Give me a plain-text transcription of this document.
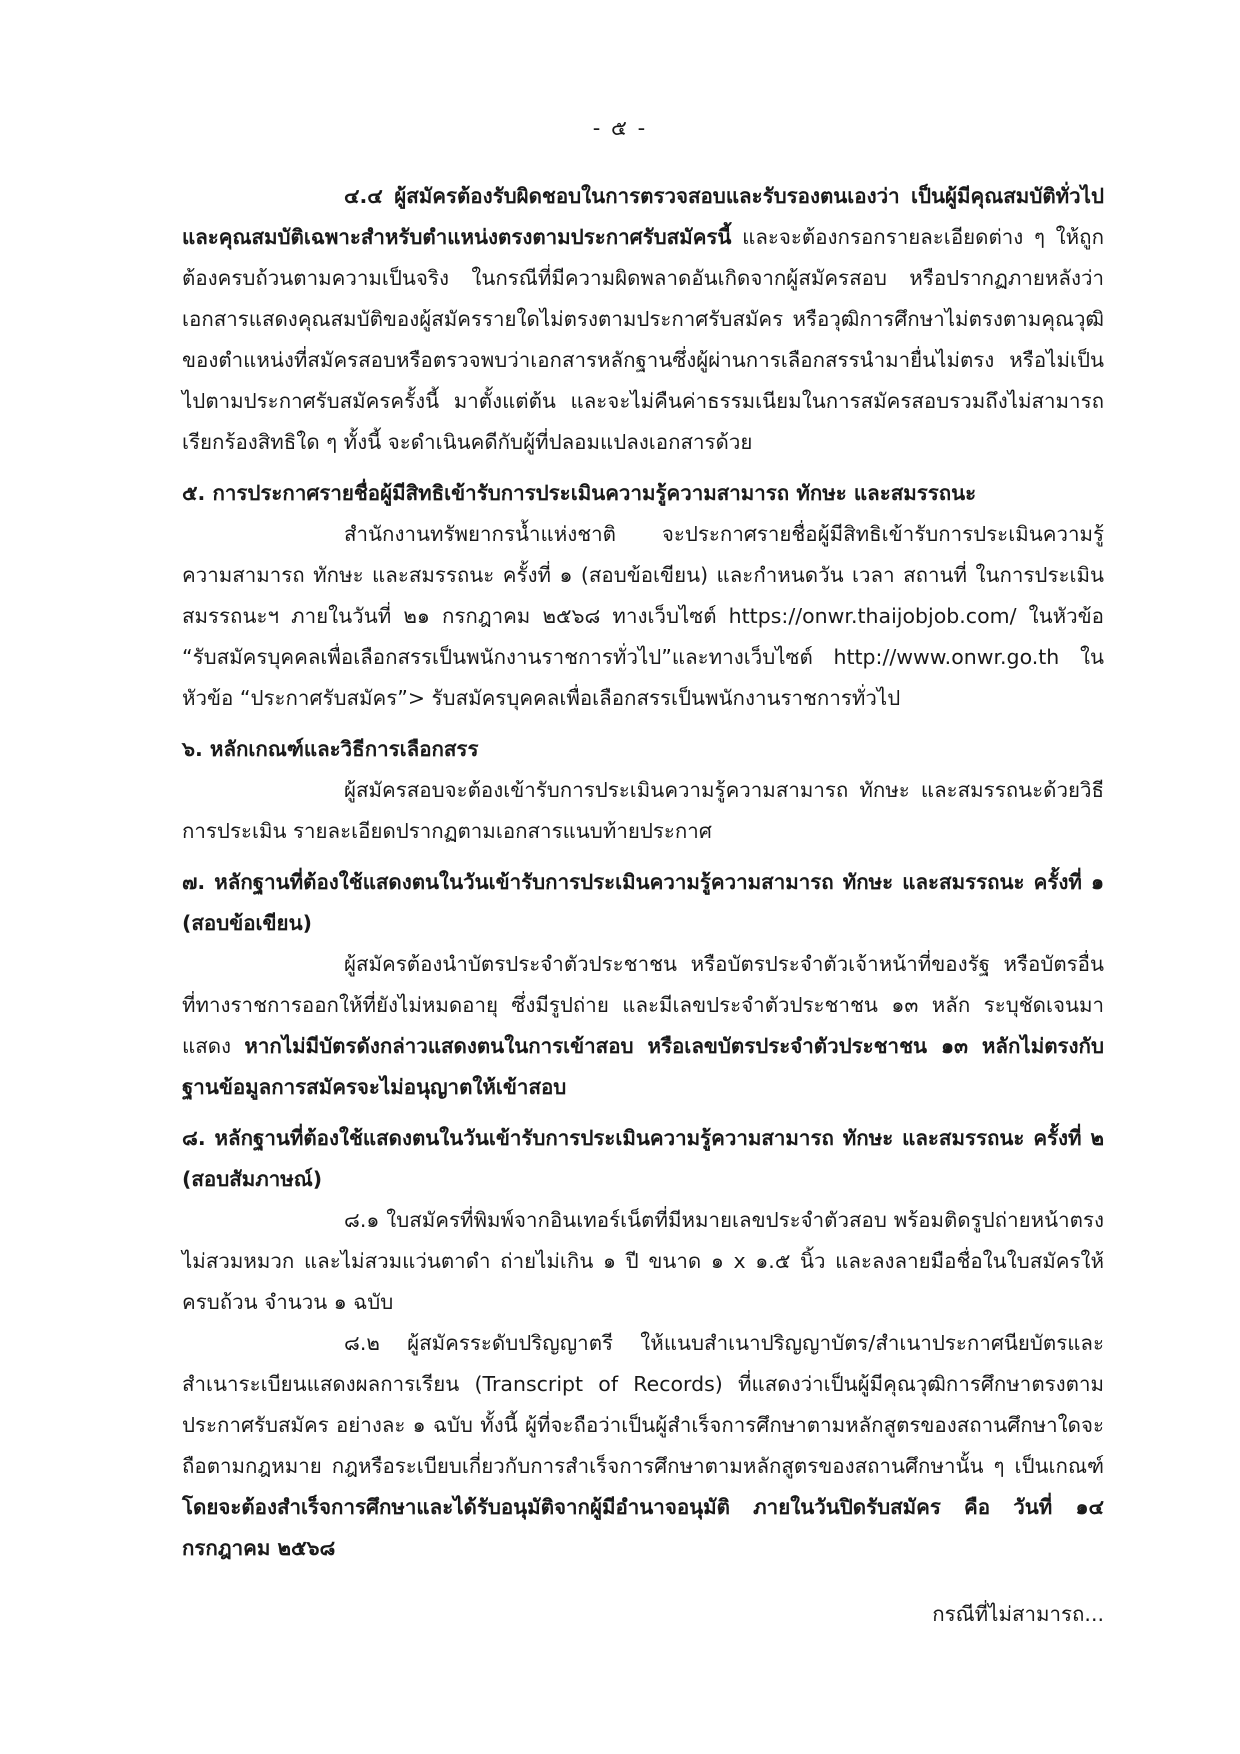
- ๕ -

๔.๔ ผู้สมัครต้องรับผิดชอบในการตรวจสอบและรับรองตนเองว่า เป็นผู้มีคุณสมบัติทั่วไปและคุณสมบัติเฉพาะสำหรับตำแหน่งตรงตามประกาศรับสมัครนี้ และจะต้องกรอกรายละเอียดต่าง ๆ ให้ถูกต้องครบถ้วนตามความเป็นจริง ในกรณีที่มีความผิดพลาดอันเกิดจากผู้สมัครสอบ หรือปรากฏภายหลังว่าเอกสารแสดงคุณสมบัติของผู้สมัครรายใดไม่ตรงตามประกาศรับสมัคร หรือวุฒิการศึกษาไม่ตรงตามคุณวุฒิของตำแหน่งที่สมัครสอบหรือตรวจพบว่าเอกสารหลักฐานซึ่งผู้ผ่านการเลือกสรรนำมายื่นไม่ตรง หรือไม่เป็นไปตามประกาศรับสมัครครั้งนี้ มาตั้งแต่ต้น และจะไม่คืนค่าธรรมเนียมในการสมัครสอบรวมถึงไม่สามารถเรียกร้องสิทธิใด ๆ ทั้งนี้ จะดำเนินคดีกับผู้ที่ปลอมแปลงเอกสารด้วย

๕. การประกาศรายชื่อผู้มีสิทธิเข้ารับการประเมินความรู้ความสามารถ ทักษะ และสมรรถนะ

สำนักงานทรัพยากรน้ำแห่งชาติ จะประกาศรายชื่อผู้มีสิทธิเข้ารับการประเมินความรู้ความสามารถ ทักษะ และสมรรถนะ ครั้งที่ ๑ (สอบข้อเขียน) และกำหนดวัน เวลา สถานที่ ในการประเมินสมรรถนะฯ ภายในวันที่ ๒๑ กรกฎาคม ๒๕๖๘ ทางเว็บไซต์ https://onwr.thaijobjob.com/ ในหัวข้อ “รับสมัครบุคคลเพื่อเลือกสรรเป็นพนักงานราชการทั่วไป”และทางเว็บไซต์ http://www.onwr.go.th ในหัวข้อ “ประกาศรับสมัคร”> รับสมัครบุคคลเพื่อเลือกสรรเป็นพนักงานราชการทั่วไป

๖. หลักเกณฑ์และวิธีการเลือกสรร

ผู้สมัครสอบจะต้องเข้ารับการประเมินความรู้ความสามารถ ทักษะ และสมรรถนะด้วยวิธีการประเมิน รายละเอียดปรากฏตามเอกสารแนบท้ายประกาศ

๗. หลักฐานที่ต้องใช้แสดงตนในวันเข้ารับการประเมินความรู้ความสามารถ ทักษะ และสมรรถนะ ครั้งที่ ๑ (สอบข้อเขียน)

ผู้สมัครต้องนำบัตรประจำตัวประชาชน หรือบัตรประจำตัวเจ้าหน้าที่ของรัฐ หรือบัตรอื่นที่ทางราชการออกให้ที่ยังไม่หมดอายุ ซึ่งมีรูปถ่าย และมีเลขประจำตัวประชาชน ๑๓ หลัก ระบุชัดเจนมาแสดง หากไม่มีบัตรดังกล่าวแสดงตนในการเข้าสอบ หรือเลขบัตรประจำตัวประชาชน ๑๓ หลักไม่ตรงกับฐานข้อมูลการสมัครจะไม่อนุญาตให้เข้าสอบ

๘. หลักฐานที่ต้องใช้แสดงตนในวันเข้ารับการประเมินความรู้ความสามารถ ทักษะ และสมรรถนะ ครั้งที่ ๒ (สอบสัมภาษณ์)

๘.๑ ใบสมัครที่พิมพ์จากอินเทอร์เน็ตที่มีหมายเลขประจำตัวสอบ พร้อมติดรูปถ่ายหน้าตรง ไม่สวมหมวก และไม่สวมแว่นตาดำ ถ่ายไม่เกิน ๑ ปี ขนาด ๑ x ๑.๕ นิ้ว และลงลายมือชื่อในใบสมัครให้ครบถ้วน จำนวน ๑ ฉบับ

๘.๒ ผู้สมัครระดับปริญญาตรี ให้แนบสำเนาปริญญาบัตร/สำเนาประกาศนียบัตรและสำเนาระเบียนแสดงผลการเรียน (Transcript of Records) ที่แสดงว่าเป็นผู้มีคุณวุฒิการศึกษาตรงตามประกาศรับสมัคร อย่างละ ๑ ฉบับ ทั้งนี้ ผู้ที่จะถือว่าเป็นผู้สำเร็จการศึกษาตามหลักสูตรของสถานศึกษาใดจะถือตามกฎหมาย กฎหรือระเบียบเกี่ยวกับการสำเร็จการศึกษาตามหลักสูตรของสถานศึกษานั้น ๆ เป็นเกณฑ์ โดยจะต้องสำเร็จการศึกษาและได้รับอนุมัติจากผู้มีอำนาจอนุมัติ ภายในวันปิดรับสมัคร คือ วันที่ ๑๔ กรกฎาคม ๒๕๖๘

กรณีที่ไม่สามารถ...
